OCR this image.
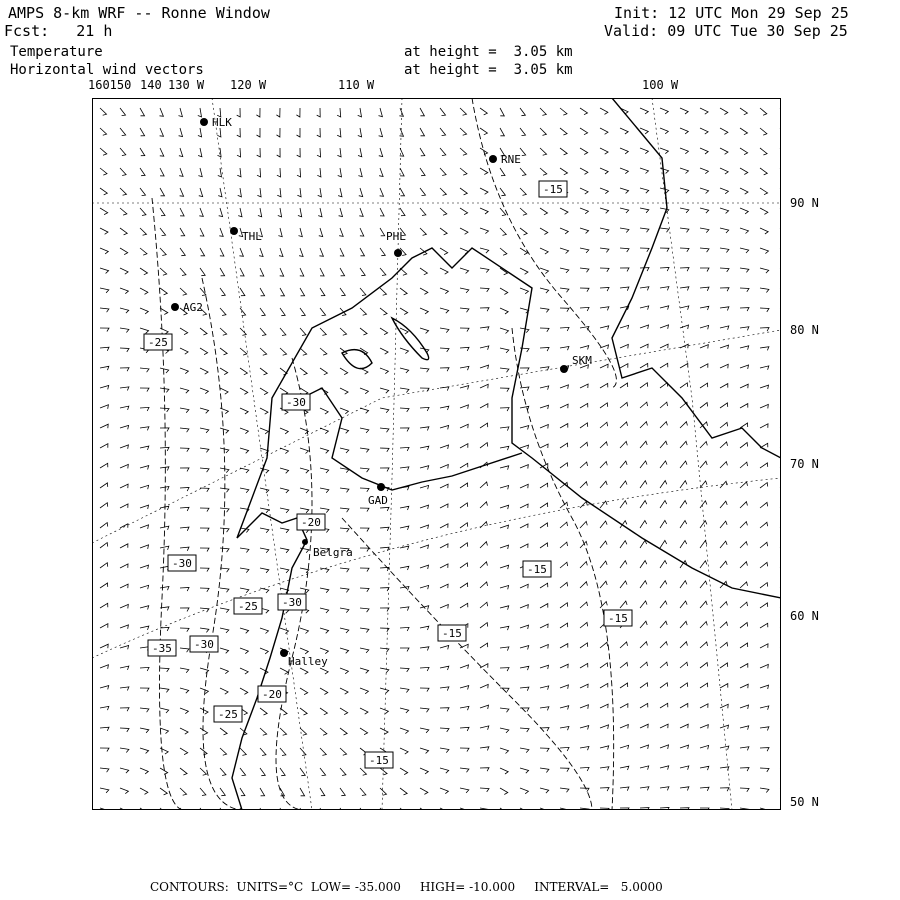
AMPS 8-km WRF -- Ronne Window	Init: 12 UTC Mon 29 Sep 25
Fcst:   21 h	Valid: 09 UTC Tue 30 Sep 25
Temperature	at height =  3.05 km
Horizontal wind vectors	at height =  3.05 km
160150 140 130 W 120 W	110 W	100 W
90 N
80 N
70 N
60 N
50 N
HLK
RNE
THL	PHL
AG2
SKM
GAD
Belgra
Halley
-15
-25
-30
-20
-30	-15
-15
-25 -30
-35 -30
-15
-20
-25
-15
CONTOURS:  UNITS=°C  LOW= -35.000     HIGH= -10.000     INTERVAL=   5.0000
